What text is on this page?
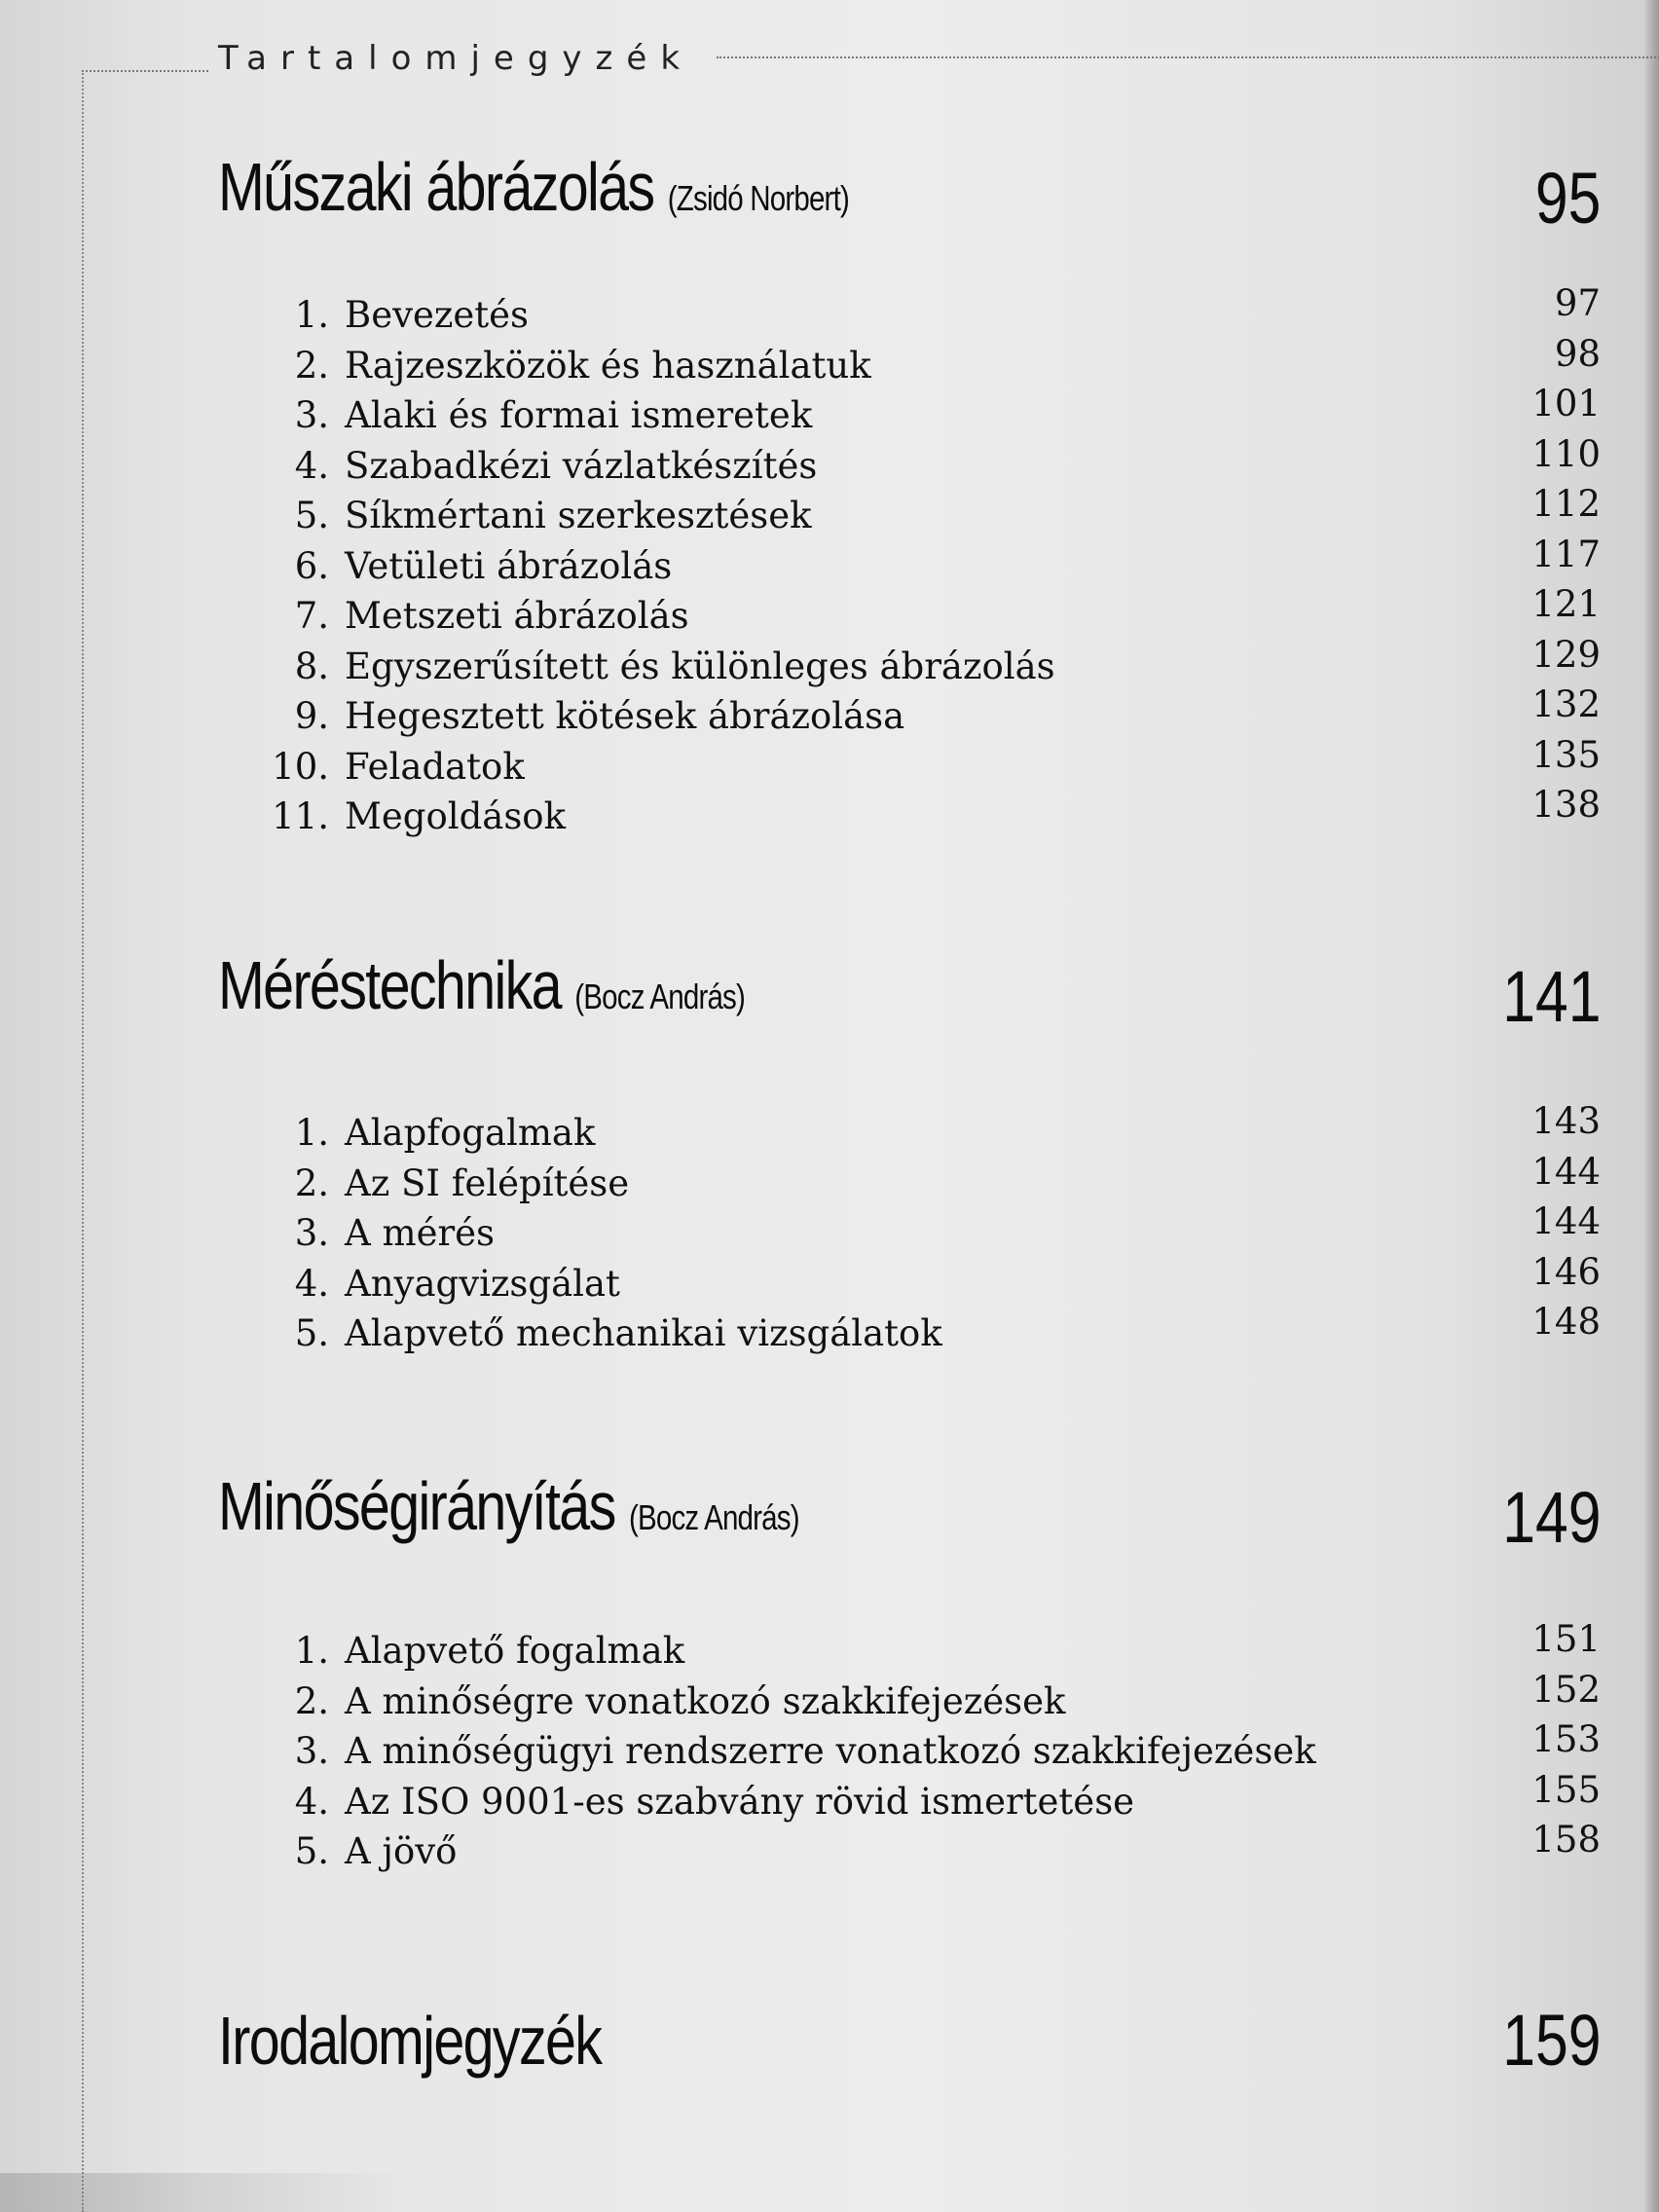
Tartalomjegyzék
Műszaki ábrázolás (Zsidó Norbert)	95
1. Bevezetés	97
2. Rajzeszközök és használatuk	98
3. Alaki és formai ismeretek	101
4. Szabadkézi vázlatkészítés	110
5. Síkmértani szerkesztések	112
6. Vetületi ábrázolás	117
7. Metszeti ábrázolás	121
8. Egyszerűsített és különleges ábrázolás	129
9. Hegesztett kötések ábrázolása	132
10. Feladatok	135
11. Megoldások	138
Méréstechnika (Bocz András)	141
1. Alapfogalmak	143
2. Az SI felépítése	144
3. A mérés	144
4. Anyagvizsgálat	146
5. Alapvető mechanikai vizsgálatok	148
Minőségirányítás (Bocz András)	149
1. Alapvető fogalmak	151
2. A minőségre vonatkozó szakkifejezések	152
3. A minőségügyi rendszerre vonatkozó szakkifejezések	153
4. Az ISO 9001-es szabvány rövid ismertetése	155
5. A jövő	158
Irodalomjegyzék	159
